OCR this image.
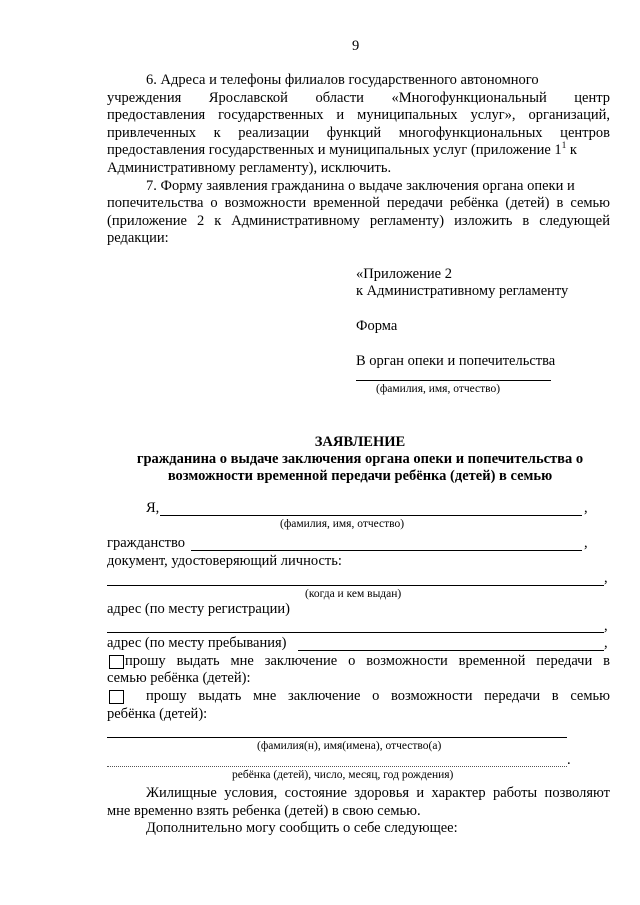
9
6. Адреса и телефоны филиалов государственного автономного
учреждения Ярославской области «Многофункциональный центр
предоставления государственных и муниципальных услуг», организаций,
привлеченных к реализации функций многофункциональных центров
предоставления государственных и муниципальных услуг (приложение $1^1$ к
Административному регламенту), исключить.
7. Форму заявления гражданина о выдаче заключения органа опеки и
попечительства о возможности временной передачи ребёнка (детей) в семью
(приложение 2 к Административному регламенту) изложить в следующей
редакции:
«Приложение 2
к Административному регламенту
Форма
В орган опеки и попечительства
(фамилия, имя, отчество)
ЗАЯВЛЕНИЕ
гражданина о выдаче заключения органа опеки и попечительства о
возможности временной передачи ребёнка (детей) в семью
Я,	,
(фамилия, имя, отчество)
гражданство	,
документ, удостоверяющий личность:
,
(когда и кем выдан)
адрес (по месту регистрации)
,
адрес (по месту пребывания)	,
прошу выдать мне заключение о возможности временной передачи в
семью ребёнка (детей):
прошу выдать мне заключение о возможности передачи в семью
ребёнка (детей):
(фамилия(н), имя(имена), отчество(а)
.
ребёнка (детей), число, месяц, год рождения)
Жилищные условия, состояние здоровья и характер работы позволяют
мне временно взять ребенка (детей) в свою семью.
Дополнительно могу сообщить о себе следующее:
